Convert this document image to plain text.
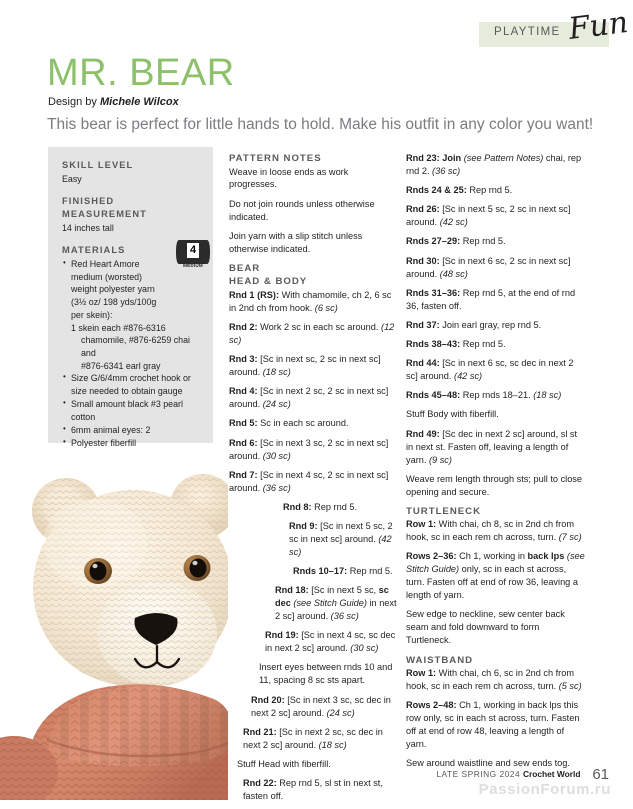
PLAYTIME Fun
MR. BEAR
Design by Michele Wilcox
This bear is perfect for little hands to hold. Make his outfit in any color you want!
SKILL LEVEL
Easy
FINISHED MEASUREMENT
14 inches tall
MATERIALS
• Red Heart Amore medium (worsted) weight polyester yarn (3½ oz/ 198 yds/100g per skein):
1 skein each #876-6316
chamomile, #876-6259 chai and
#876-6341 earl gray
• Size G/6/4mm crochet hook or size needed to obtain gauge
• Small amount black #3 pearl cotton
• 6mm animal eyes: 2
• Polyester fiberfill
•
4
MEDIUM
PATTERN NOTES

Weave in loose ends as work progresses.

Do not join rounds unless otherwise indicated.

Join yarn with a slip stitch unless otherwise indicated.

BEAR
HEAD & BODY

Rnd 1 (RS): With chamomile, ch 2, 6 sc in 2nd ch from hook. (6 sc)

Rnd 2: Work 2 sc in each sc around. (12 sc)

Rnd 3: [Sc in next sc, 2 sc in next sc] around. (18 sc)

Rnd 4: [Sc in next 2 sc, 2 sc in next sc] around. (24 sc)

Rnd 5: Sc in each sc around.

Rnd 6: [Sc in next 3 sc, 2 sc in next sc] around. (30 sc)

Rnd 7: [Sc in next 4 sc, 2 sc in next sc] around. (36 sc)

Rnd 8: Rep rnd 5.

Rnd 9: [Sc in next 5 sc, 2 sc in next sc] around. (42 sc)

Rnds 10–17: Rep rnd 5.

Rnd 18: [Sc in next 5 sc, sc dec (see Stitch Guide) in next 2 sc] around. (36 sc)

Rnd 19: [Sc in next 4 sc, sc dec in next 2 sc] around. (30 sc)

Insert eyes between rnds 10 and 11, spacing 8 sc sts apart.

Rnd 20: [Sc in next 3 sc, sc dec in next 2 sc] around. (24 sc)

Rnd 21: [Sc in next 2 sc, sc dec in next 2 sc] around. (18 sc)

Stuff Head with fiberfill.

Rnd 22: Rep rnd 5, sl st in next st, fasten off.

Rnd 23: Join (see Pattern Notes) chai, rep rnd 2. (36 sc)

Rnds 24 & 25: Rep rnd 5.

Rnd 26: [Sc in next 5 sc, 2 sc in next sc] around. (42 sc)

Rnds 27–29: Rep rnd 5.

Rnd 30: [Sc in next 6 sc, 2 sc in next sc] around. (48 sc)

Rnds 31–36: Rep rnd 5, at the end of rnd 36, fasten off.

Rnd 37: Join earl gray, rep rnd 5.

Rnds 38–43: Rep rnd 5.

Rnd 44: [Sc in next 6 sc, sc dec in next 2 sc] around. (42 sc)

Rnds 45–48: Rep rnds 18–21. (18 sc)

Stuff Body with fiberfill.

Rnd 49: [Sc dec in next 2 sc] around, sl st in next st. Fasten off, leaving a length of yarn. (9 sc)

Weave rem length through sts; pull to close opening and secure.

TURTLENECK

Row 1: With chai, ch 8, sc in 2nd ch from hook, sc in each rem ch across, turn. (7 sc)

Rows 2–36: Ch 1, working in back lps (see Stitch Guide) only, sc in each st across, turn. Fasten off at end of row 36, leaving a length of yarn.

Sew edge to neckline, sew center back seam and fold downward to form Turtleneck.

WAISTBAND

Row 1: With chai, ch 6, sc in 2nd ch from hook, sc in each rem ch across, turn. (5 sc)

Rows 2–48: Ch 1, working in back lps this row only, sc in each st across, turn. Fasten off at end of row 48, leaving a length of yarn.

Sew around waistline and sew ends tog.

LATE SPRING 2024 Crochet World 61
PassionForum.ru
